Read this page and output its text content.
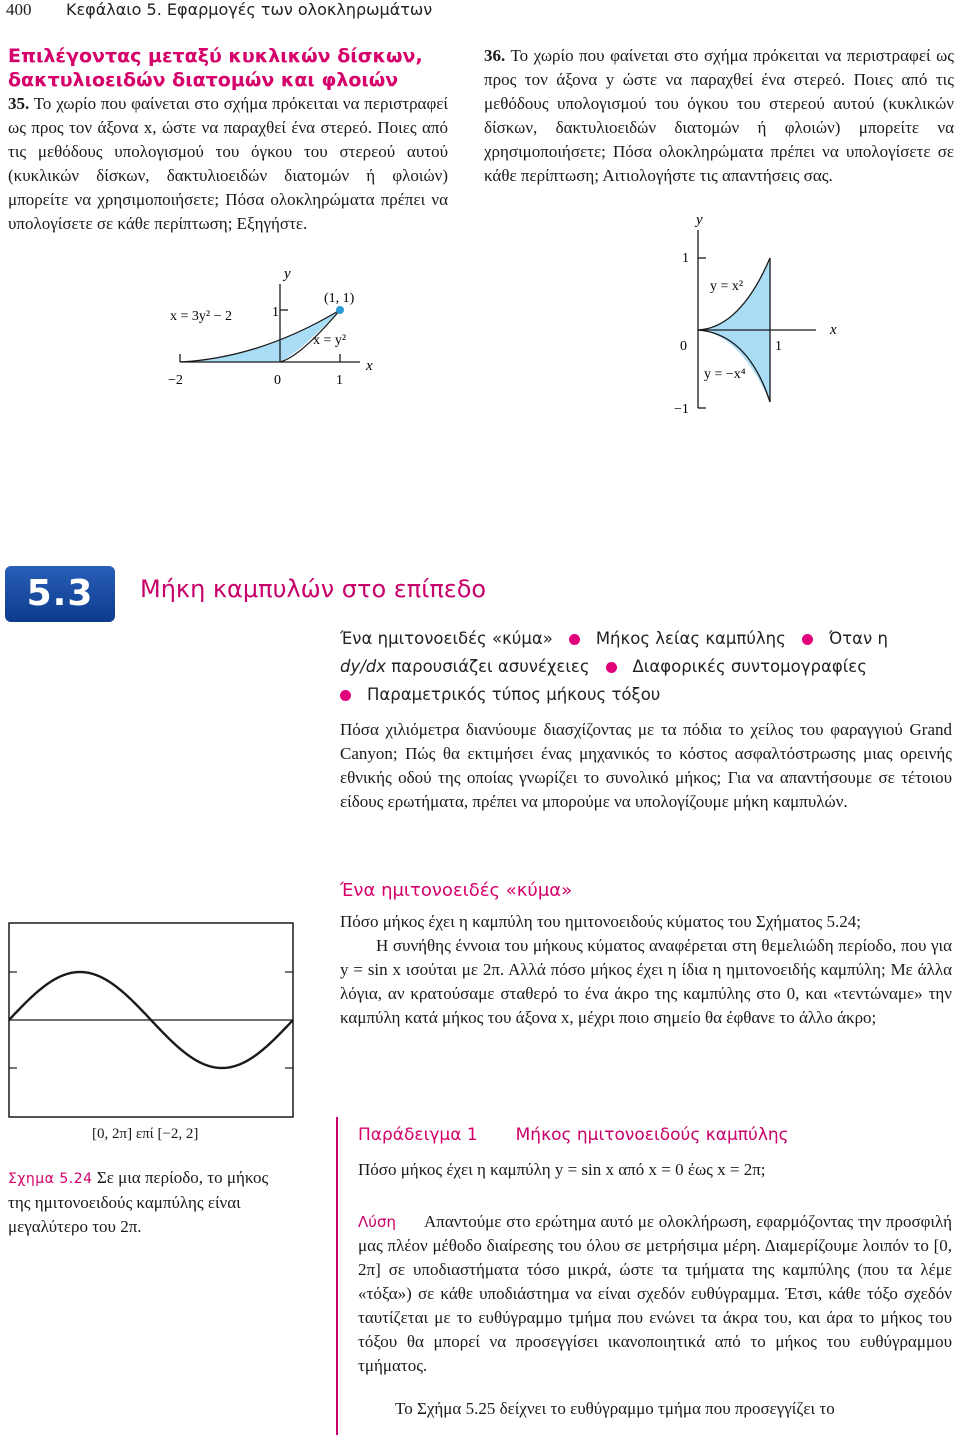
400 Κεφάλαιο 5. Εφαρμογές των ολοκληρωμάτων
Επιλέγοντας μεταξύ κυκλικών δίσκων,
δακτυλιοειδών διατομών και φλοιών
35. Το χωρίο που φαίνεται στο σχήμα πρόκειται να περιστραφεί ως προς τον άξονα x, ώστε να παραχθεί ένα στερεό. Ποιες από τις μεθόδους υπολογισμού του όγκου του στερεού αυτού (κυκλικών δίσκων, δακτυλιοειδών διατομών ή φλοιών) μπορείτε να χρησιμοποιήσετε; Πόσα ολοκληρώματα πρέπει να υπολογίσετε σε κάθε περίπτωση; Εξηγήστε.
y
x
x = 3y² − 2
x = y²
(1, 1)
1
−2	0	1
36. Το χωρίο που φαίνεται στο σχήμα πρόκειται να περιστραφεί ως προς τον άξονα y ώστε να παραχθεί ένα στερεό. Ποιες από τις μεθόδους υπολογισμού του όγκου του στερεού αυτού (κυκλικών δίσκων, δακτυλιοειδών διατομών ή φλοιών) μπορείτε να χρησιμοποιήσετε; Πόσα ολοκληρώματα πρέπει να υπολογίσετε σε κάθε περίπτωση; Αιτιολογήστε τις απαντήσεις σας.
y
x
y = x²
y = −x⁴
1
−1
0	1
5.3	Μήκη καμπυλών στο επίπεδο
Ένα ημιτονοειδές «κύμα»	Μήκος λείας καμπύλης	Όταν η
dy/dx παρουσιάζει ασυνέχειες	Διαφορικές συντομογραφίες
Παραμετρικός τύπος μήκους τόξου
Πόσα χιλιόμετρα διανύουμε διασχίζοντας με τα πόδια το χείλος του φαραγγιού Grand Canyon; Πώς θα εκτιμήσει ένας μηχανικός το κόστος ασφαλτόστρωσης μιας ορεινής εθνικής οδού της οποίας γνωρίζει το συνολικό μήκος; Για να απαντήσουμε σε τέτοιου είδους ερωτήματα, πρέπει να μπορούμε να υπολογίζουμε μήκη καμπυλών.
Ένα ημιτονοειδές «κύμα»
Πόσο μήκος έχει η καμπύλη του ημιτονοειδούς κύματος του Σχήματος 5.24;
Η συνήθης έννοια του μήκους κύματος αναφέρεται στη θεμελιώδη περίοδο, που για y = sin x ισούται με 2π. Αλλά πόσο μήκος έχει η ίδια η ημιτονοειδής καμπύλη; Με άλλα λόγια, αν κρατούσαμε σταθερό το ένα άκρο της καμπύλης στο 0, και «τεντώναμε» την καμπύλη κατά μήκος του άξονα x, μέχρι ποιο σημείο θα έφθανε το άλλο άκρο;
[0, 2π] επί [−2, 2]
Σχημα 5.24 Σε μια περίοδο, το μήκος της ημιτονοειδούς καμπύλης είναι μεγαλύτερο του 2π.
Παράδειγμα 1 Μήκος ημιτονοειδούς καμπύλης
Πόσο μήκος έχει η καμπύλη y = sin x από x = 0 έως x = 2π;
Λύση Απαντούμε στο ερώτημα αυτό με ολοκλήρωση, εφαρμόζοντας την προσφιλή μας πλέον μέθοδο διαίρεσης του όλου σε μετρήσιμα μέρη. Διαμερίζουμε λοιπόν το [0, 2π] σε υποδιαστήματα τόσο μικρά, ώστε τα τμήματα της καμπύλης (που τα λέμε «τόξα») σε κάθε υποδιάστημα να είναι σχεδόν ευθύγραμμα. Έτσι, κάθε τόξο σχεδόν ταυτίζεται με το ευθύγραμμο τμήμα που ενώνει τα άκρα του, και άρα το μήκος του τόξου θα μπορεί να προσεγγίσει ικανοποιητικά από το μήκος του ευθύγραμμου τμήματος.
Το Σχήμα 5.25 δείχνει το ευθύγραμμο τμήμα που προσεγγίζει το
